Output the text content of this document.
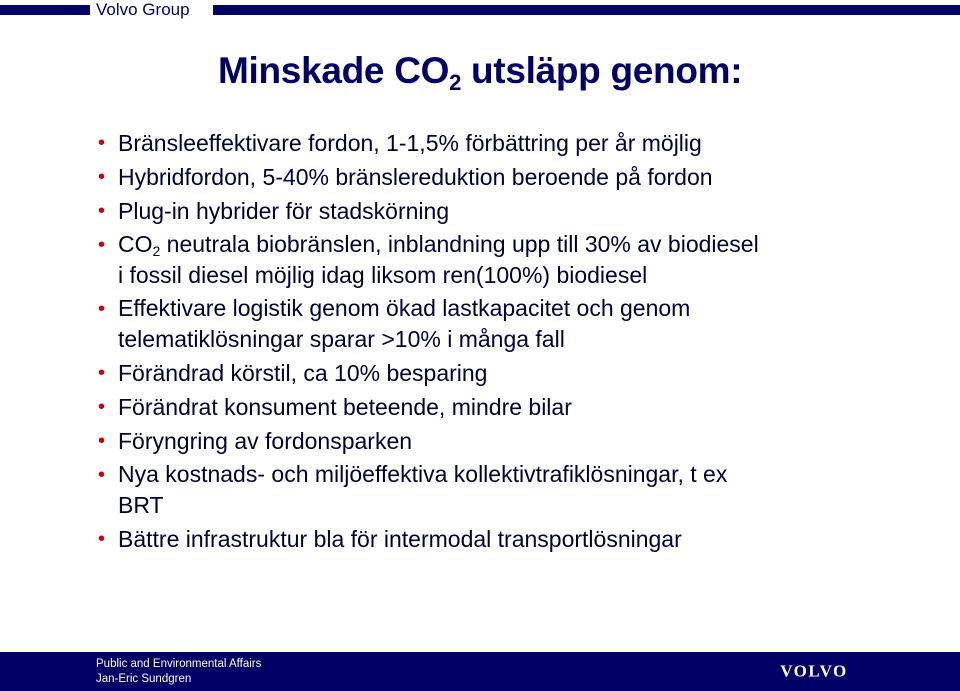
Volvo Group
Minskade $CO_2$ utsläpp genom:
• Bränsleeffektivare fordon, 1-1,5% förbättring per år möjlig
• Hybridfordon, 5-40% bränslereduktion beroende på fordon
• Plug-in hybrider för stadskörning
• $CO_2$ neutrala biobränslen, inblandning upp till 30% av biodiesel
i fossil diesel möjlig idag liksom ren(100%) biodiesel
• Effektivare logistik genom ökad lastkapacitet och genom
telematiklösningar sparar >10% i många fall
• Förändrad körstil, ca 10% besparing
• Förändrat konsument beteende, mindre bilar
• Föryngring av fordonsparken
• Nya kostnads- och miljöeffektiva kollektivtrafiklösningar, t ex
BRT
• Bättre infrastruktur bla för intermodal transportlösningar
Public and Environmental Affairs
Jan-Eric Sundgren	VOLVO
